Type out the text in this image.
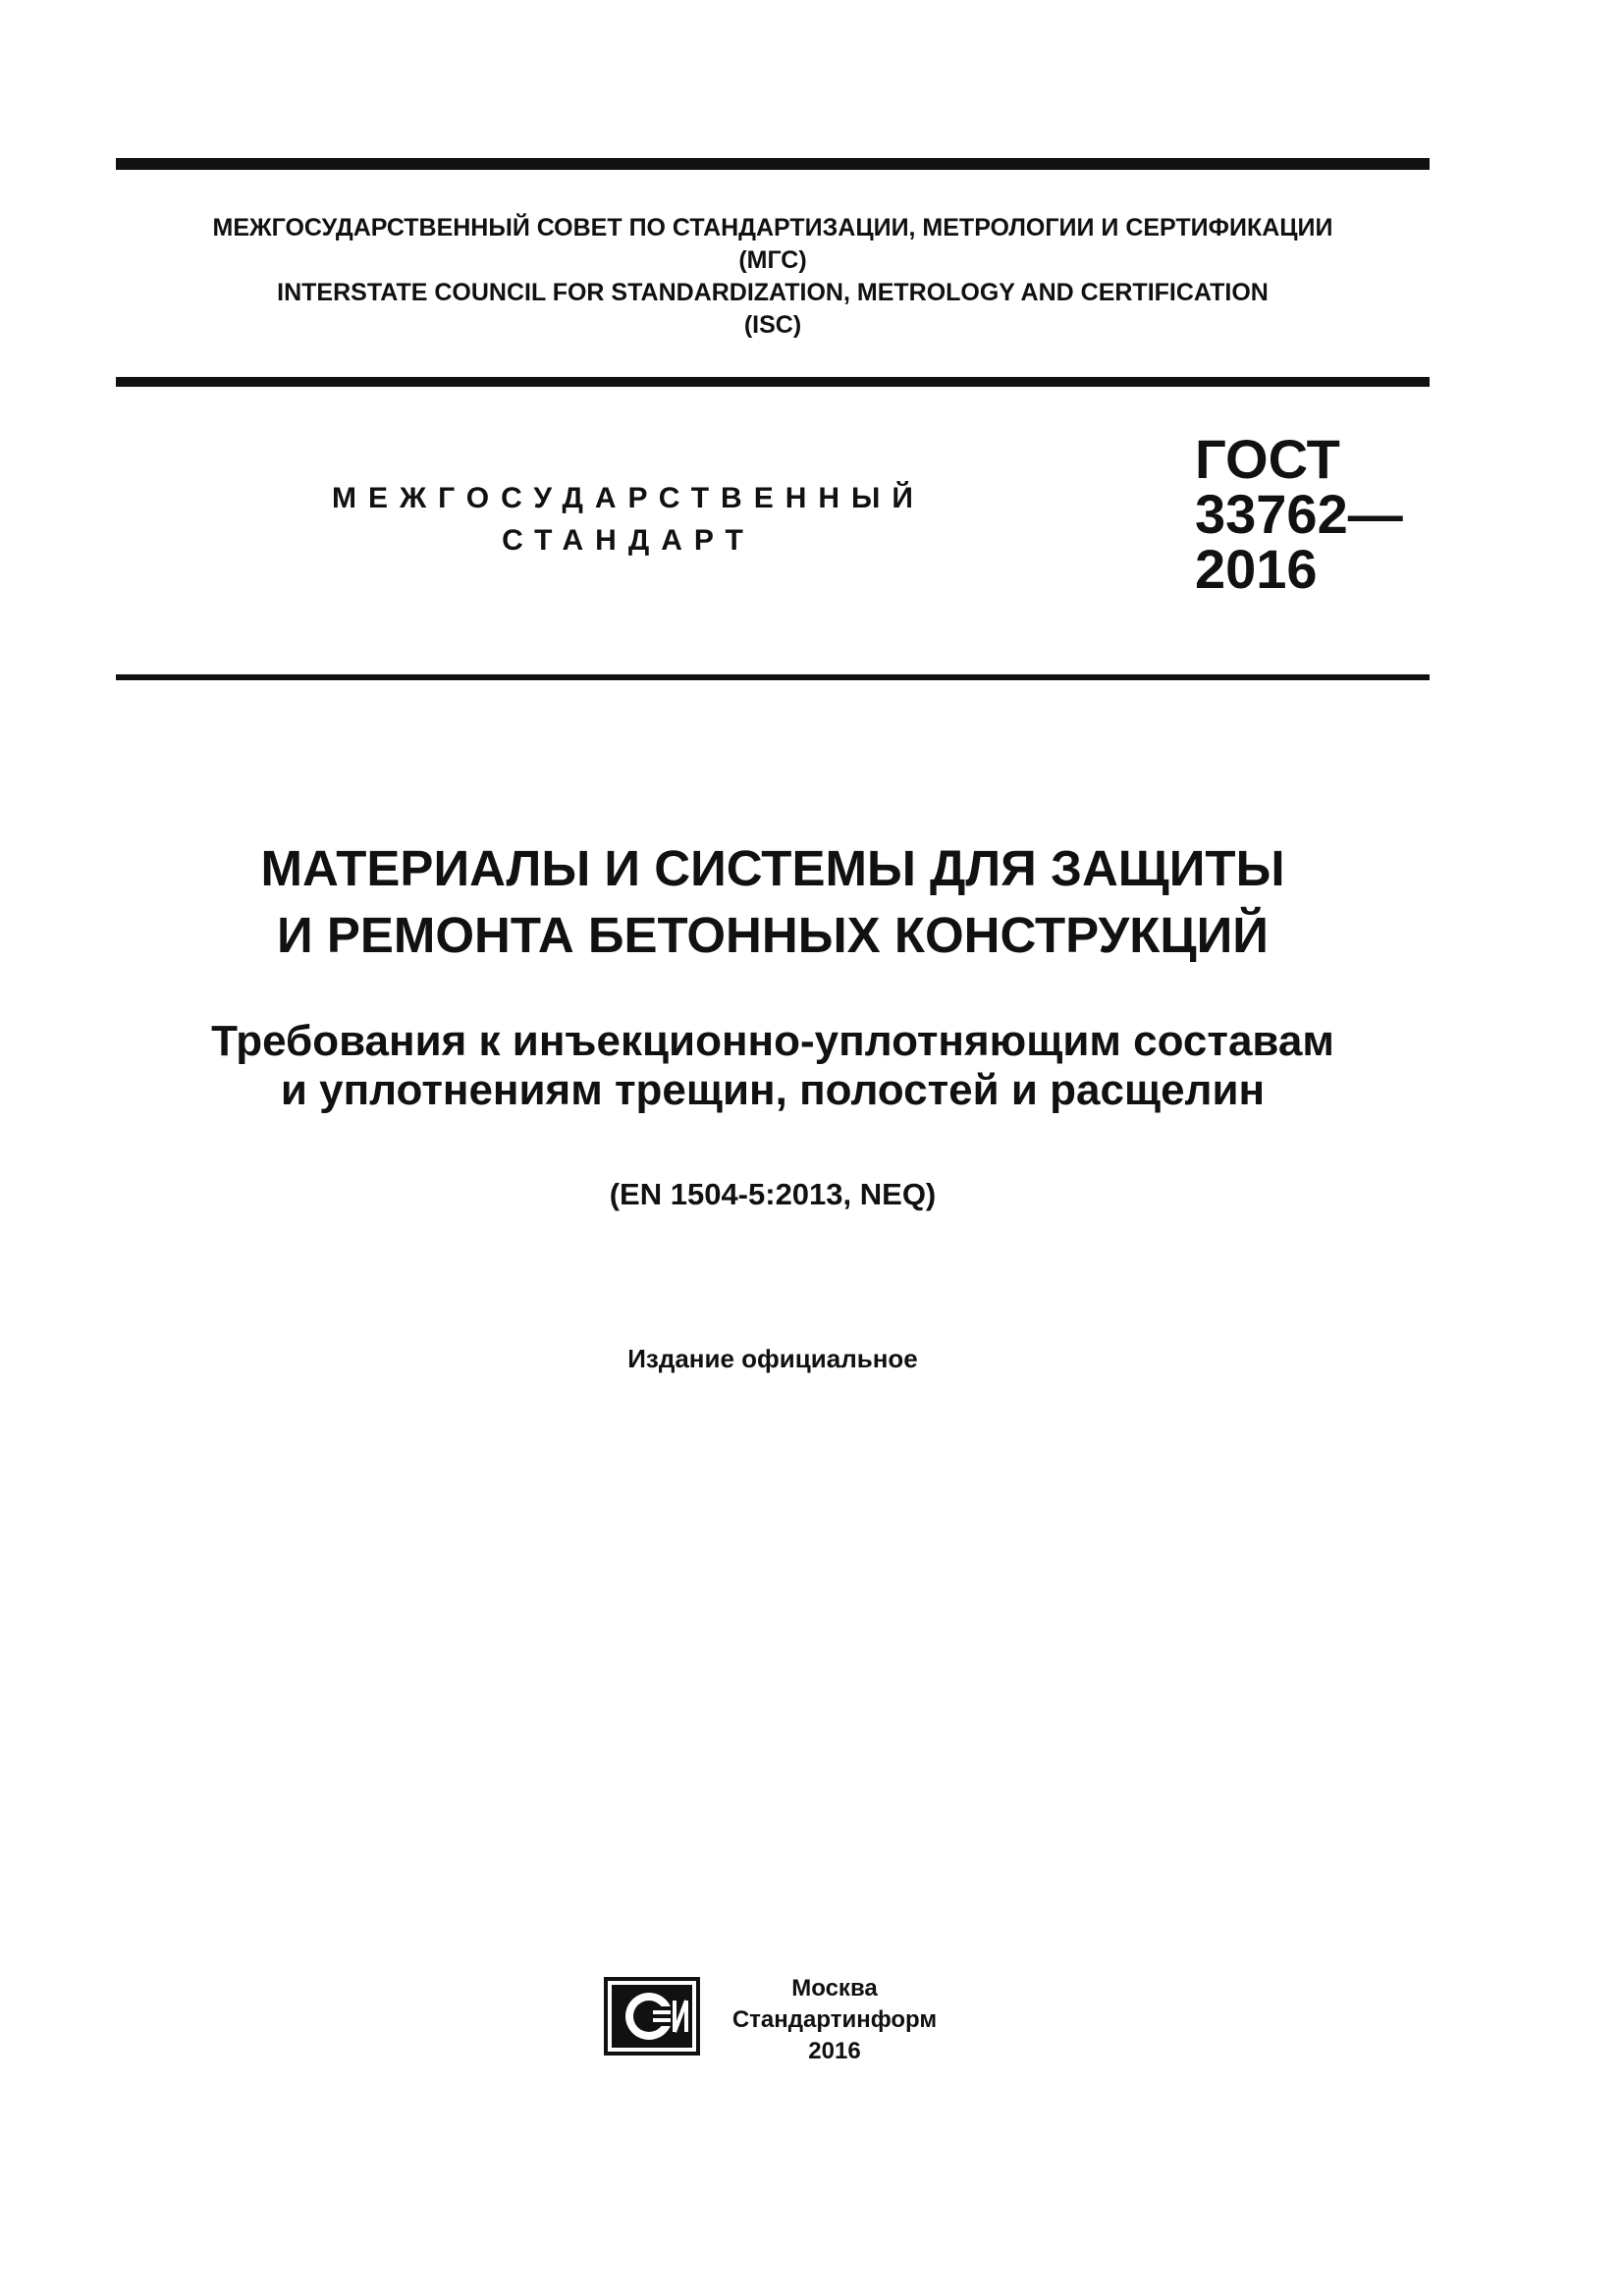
МЕЖГОСУДАРСТВЕННЫЙ СОВЕТ ПО СТАНДАРТИЗАЦИИ, МЕТРОЛОГИИ И СЕРТИФИКАЦИИ
(МГС)
INTERSTATE COUNCIL FOR STANDARDIZATION, METROLOGY AND CERTIFICATION
(ISC)
МЕЖГОСУДАРСТВЕННЫЙ
СТАНДАРТ
ГОСТ
33762—
2016
МАТЕРИАЛЫ И СИСТЕМЫ ДЛЯ ЗАЩИТЫ
И РЕМОНТА БЕТОННЫХ КОНСТРУКЦИЙ
Требования к инъекционно-уплотняющим составам
и уплотнениям трещин, полостей и расщелин
(EN 1504-5:2013, NEQ)
Издание официальное
Москва
Стандартинформ
2016
